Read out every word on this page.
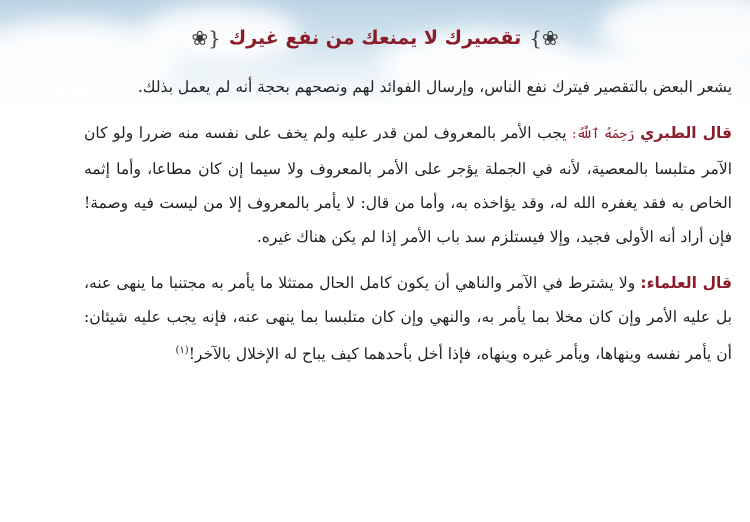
❀}
تقصيرك لا يمنعك من نفع غيرك
{❀

يشعر البعض بالتقصير فيترك نفع الناس، وإرسال الفوائد لهم ونصحهم بحجة أنه لم يعمل بذلك.

قال الطبري رَحِمَهُ ٱللَّهُ: يجب الأمر بالمعروف لمن قدر عليه ولم يخف على نفسه منه ضررا ولو كان الآمر متلبسا بالمعصية، لأنه في الجملة يؤجر على الأمر بالمعروف ولا سيما إن كان مطاعا، وأما إثمه الخاص به فقد يغفره الله له، وقد يؤاخذه به، وأما من قال: لا يأمر بالمعروف إلا من ليست فيه وصمة! فإن أراد أنه الأولى فجيد، وإلا فيستلزم سد باب الأمر إذا لم يكن هناك غيره.

قال العلماء: ولا يشترط في الآمر والناهي أن يكون كامل الحال ممتثلا ما يأمر به مجتنبا ما ينهى عنه، بل عليه الأمر وإن كان مخلا بما يأمر به، والنهي وإن كان متلبسا بما ينهى عنه، فإنه يجب عليه شيئان: أن يأمر نفسه وينهاها، ويأمر غيره وينهاه، فإذا أخل بأحدهما كيف يباح له الإخلال بالآخر!$^{(١)}$
